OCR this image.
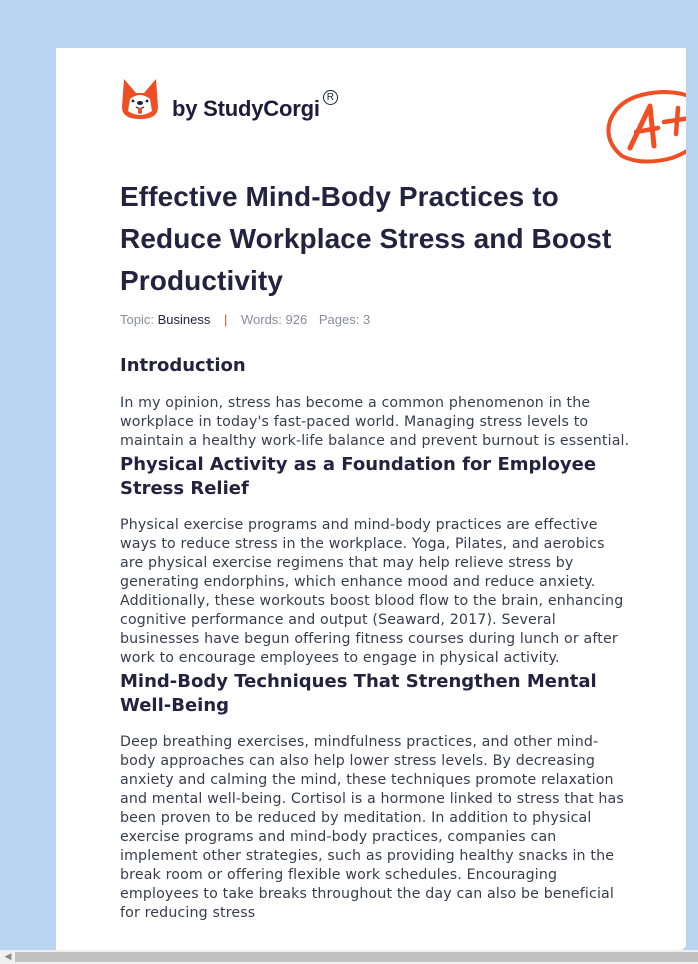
by StudyCorgi R
Effective Mind-Body Practices to Reduce Workplace Stress and Boost Productivity
Topic: Business | Words: 926 Pages: 3
Introduction

In my opinion, stress has become a common phenomenon in the workplace in today's fast-paced world. Managing stress levels to maintain a healthy work-life balance and prevent burnout is essential.

Physical Activity as a Foundation for Employee Stress Relief

Physical exercise programs and mind-body practices are effective ways to reduce stress in the workplace. Yoga, Pilates, and aerobics are physical exercise regimens that may help relieve stress by generating endorphins, which enhance mood and reduce anxiety. Additionally, these workouts boost blood flow to the brain, enhancing cognitive performance and output (Seaward, 2017). Several businesses have begun offering fitness courses during lunch or after work to encourage employees to engage in physical activity.

Mind-Body Techniques That Strengthen Mental Well-Being

Deep breathing exercises, mindfulness practices, and other mind-body approaches can also help lower stress levels. By decreasing anxiety and calming the mind, these techniques promote relaxation and mental well-being. Cortisol is a hormone linked to stress that has been proven to be reduced by meditation. In addition to physical exercise programs and mind-body practices, companies can implement other strategies, such as providing healthy snacks in the break room or offering flexible work schedules. Encouraging employees to take breaks throughout the day can also be beneficial for reducing stress

◀
